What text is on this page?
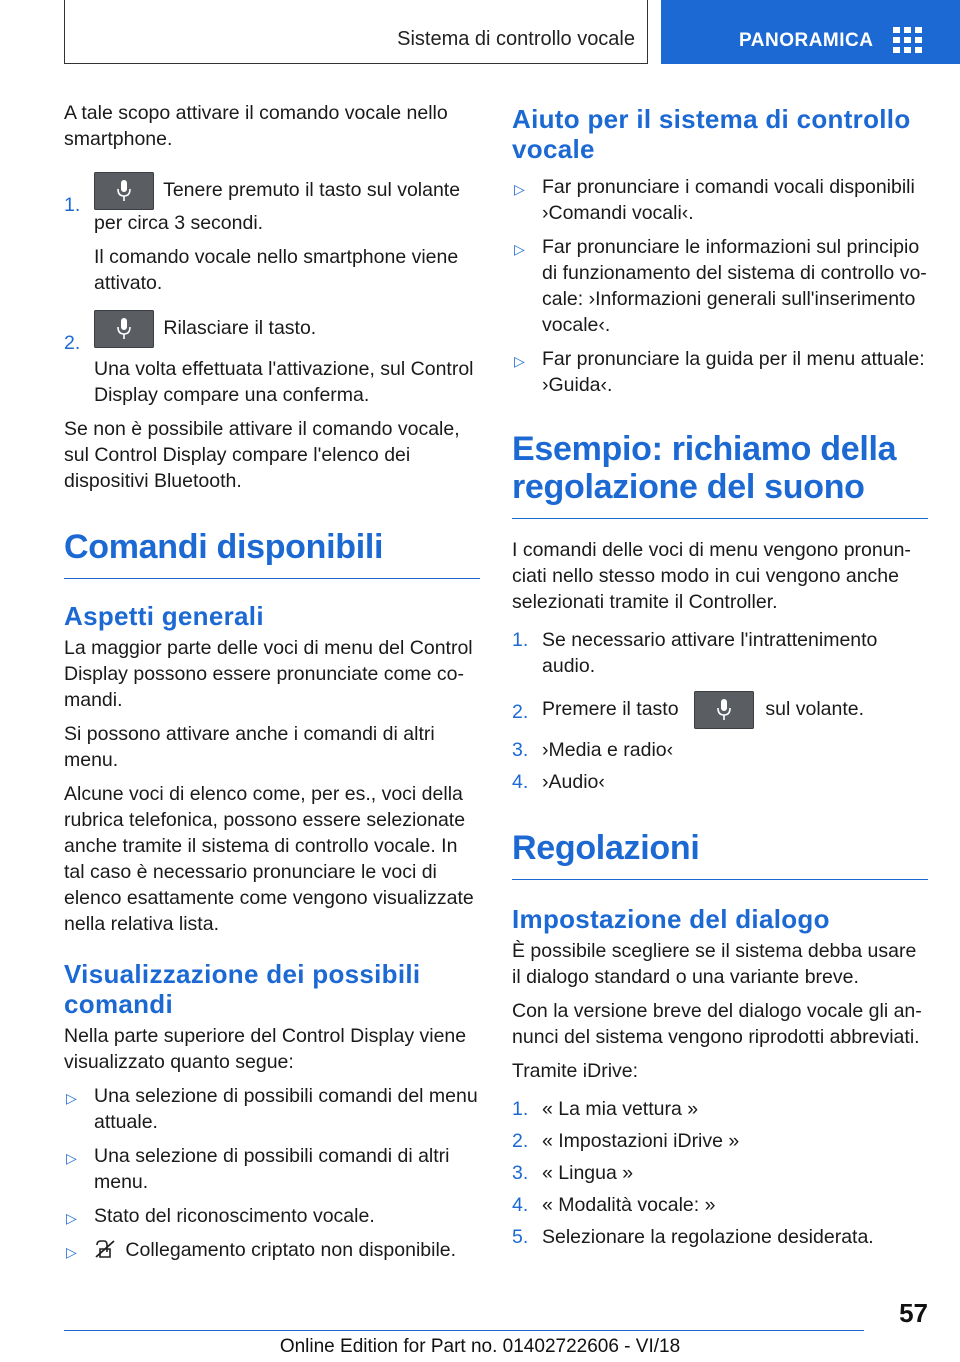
Sistema di controllo vocale	PANORAMICA

A tale scopo attivare il comando vocale nello smartphone.

1.
Tenere premuto il tasto sul volante per circa 3 secondi.
Il comando vocale nello smartphone viene attivato.
2.
Rilasciare il tasto.
Una volta effettuata l'attivazione, sul Control Display compare una conferma.

Se non è possibile attivare il comando vocale, sul Control Display compare l'elenco dei dispositivi Bluetooth.

Comandi disponibili
Aspetti generali

La maggior parte delle voci di menu del Control Display possono essere pronunciate come comandi.

Si possono attivare anche i comandi di altri menu.

Alcune voci di elenco come, per es., voci della rubrica telefonica, possono essere selezionate anche tramite il sistema di controllo vocale. In tal caso è necessario pronunciare le voci di elenco esattamente come vengono visualizzate nella relativa lista.

Visualizzazione dei possibili comandi

Nella parte superiore del Control Display viene visualizzato quanto segue:

▷ Una selezione di possibili comandi del menu attuale.
▷ Una selezione di possibili comandi di altri menu.
▷ Stato del riconoscimento vocale.
▷ Collegamento criptato non disponibile.
Aiuto per il sistema di controllo vocale
▷ Far pronunciare i comandi vocali disponibili ›Comandi vocali‹.
▷ Far pronunciare le informazioni sul principio di funzionamento del sistema di controllo vocale: ›Informazioni generali sull'inserimento vocale‹.
▷ Far pronunciare la guida per il menu attuale: ›Guida‹.
Esempio: richiamo della regolazione del suono

I comandi delle voci di menu vengono pronunciati nello stesso modo in cui vengono anche selezionati tramite il Controller.

1. Se necessario attivare l'intrattenimento audio.
2. Premere il tasto	sul volante.
3. ›Media e radio‹
4. ›Audio‹
Regolazioni
Impostazione del dialogo

È possibile scegliere se il sistema debba usare il dialogo standard o una variante breve.

Con la versione breve del dialogo vocale gli annunci del sistema vengono riprodotti abbreviati.

Tramite iDrive:

1. « La mia vettura »
2. « Impostazioni iDrive »
3. « Lingua »
4. « Modalità vocale: »
5. Selezionare la regolazione desiderata.
57
Online Edition for Part no. 01402722606 - VI/18
